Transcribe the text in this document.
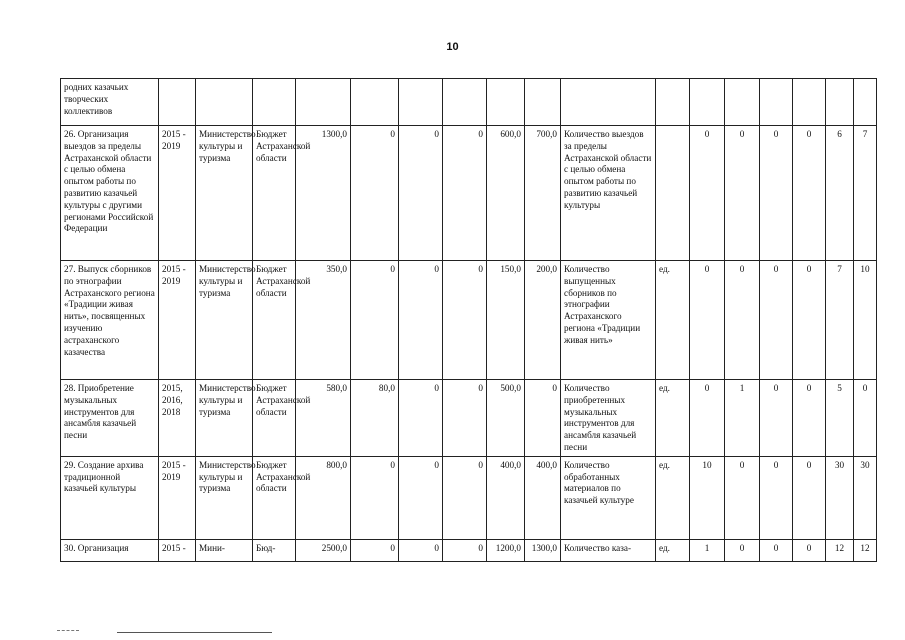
10
родних казачьих творческих коллективов																	
26. Организация выездов за пределы Астраханской области с целью обмена опытом работы по развитию казачьей культуры с другими регионами Российской Федерации	2015 - 2019	Министерство культуры и туризма	Бюджет Астраханской области	1300,0	0	0	0	600,0	700,0	Количество выездов за пределы Астраханской области с целью обмена опытом работы по развитию казачьей культуры		0	0	0	0	6	7
27. Выпуск сборников по этнографии Астраханского региона «Традиции живая нить», посвященных изучению астраханского казачества	2015 - 2019	Министерство культуры и туризма	Бюджет Астраханской области	350,0	0	0	0	150,0	200,0	Количество выпущенных сборников по этнографии Астраханского региона «Традиции живая нить»	ед.	0	0	0	0	7	10
28. Приобретение музыкальных инструментов для ансамбля казачьей песни	2015, 2016, 2018	Министерство культуры и туризма	Бюджет Астраханской области	580,0	80,0	0	0	500,0	0	Количество приобретенных музыкальных инструментов для ансамбля казачьей песни	ед.	0	1	0	0	5	0
29. Создание архива традиционной казачьей культуры	2015 - 2019	Министерство культуры и туризма	Бюджет Астраханской области	800,0	0	0	0	400,0	400,0	Количество обработанных материалов по казачьей культуре	ед.	10	0	0	0	30	30
30. Организация	2015 -	Мини-	Бюд-	2500,0	0	0	0	1200,0	1300,0	Количество каза-	ед.	1	0	0	0	12	12
